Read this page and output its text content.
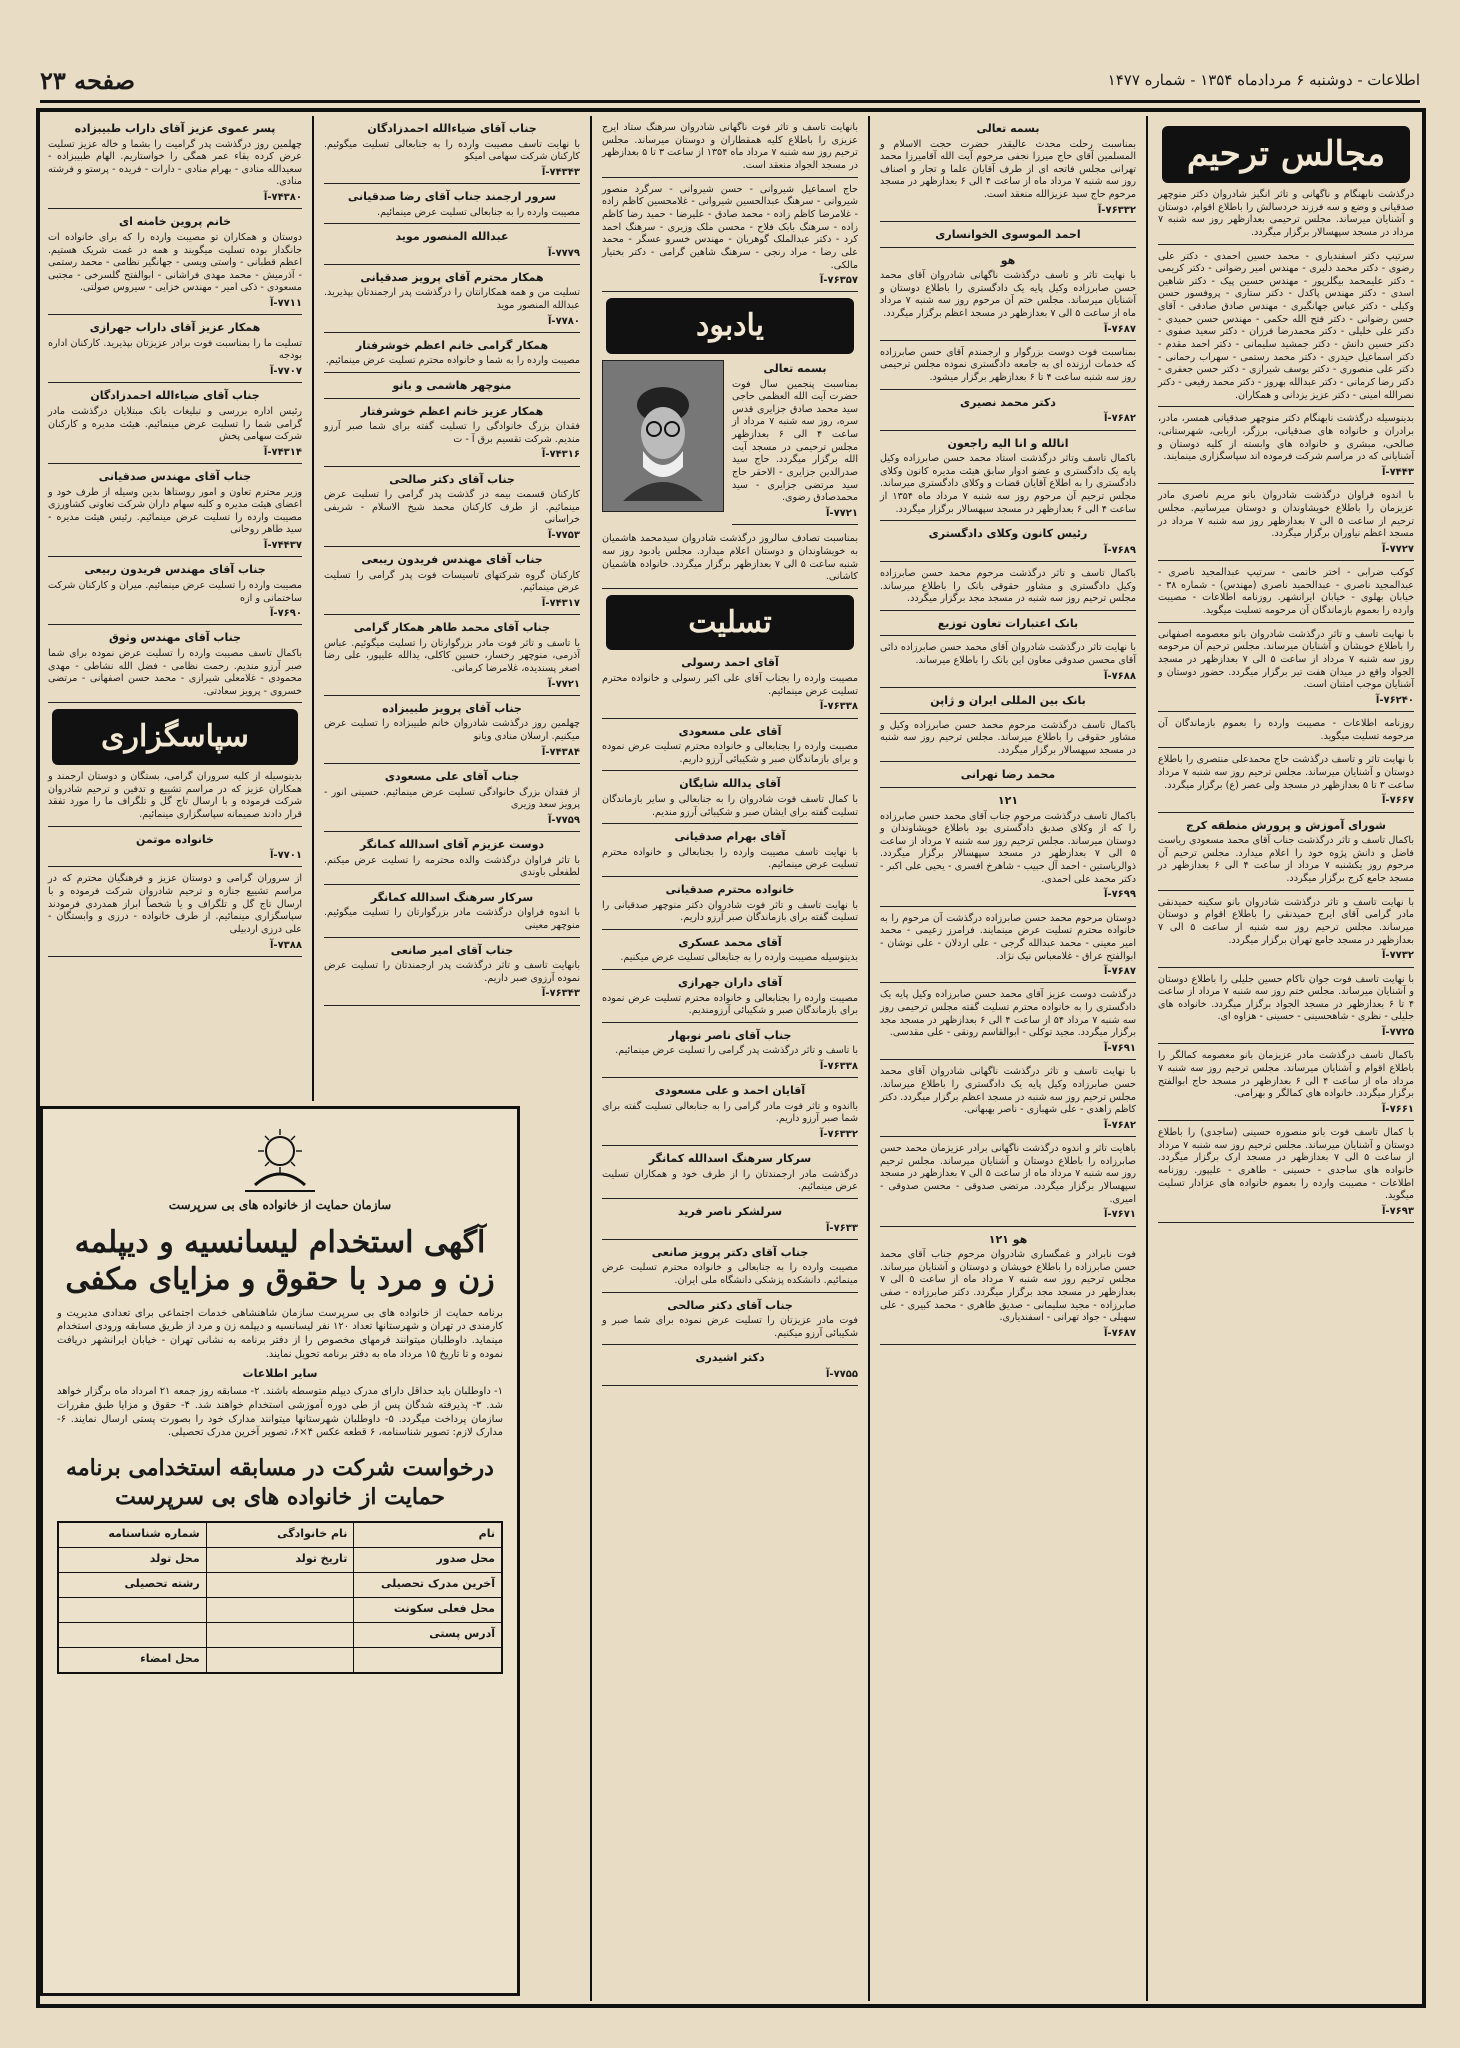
اطلاعات - دوشنبه ۶ مردادماه ۱۳۵۴ - شماره ۱۴۷۷
صفحه ۲۳
مجالس ترحیم
درگذشت نابهنگام و ناگهانی و تاثر انگیز شادروان دکتر منوچهر صدقیانی و وضع و سه فرزند خردسالش را باطلاع اقوام، دوستان و آشنایان میرساند. مجلس ترحیمی بعدازظهر روز سه شنبه ۷ مرداد در مسجد سپهسالار برگزار میگردد.
سرتیپ دکتر اسفندیاری - محمد حسین احمدی - دکتر علی رضوی - دکتر محمد دلیری - مهندس امیر رضوانی - دکتر کریمی - دکتر علیمحمد بیگلرپور - مهندس حسین پیک - دکتر شاهین اسدی - دکتر مهندس پاکدل - دکتر ستاری - پروفسور حسن وکیلی - دکتر عباس جهانگیری - مهندس صادق صادقی - آقای حسن رضوانی - دکتر فتح الله حکمی - مهندس حسن حمیدی - دکتر علی خلیلی - دکتر محمدرضا فرزان - دکتر سعید صفوی - دکتر حسین دانش - دکتر جمشید سلیمانی - دکتر احمد مقدم - دکتر اسماعیل حیدری - دکتر محمد رستمی - سهراب رحمانی - دکتر علی منصوری - دکتر یوسف شیرازی - دکتر حسن جعفری - دکتر رضا کرمانی - دکتر عبدالله بهروز - دکتر محمد رفیعی - دکتر نصرالله امینی - دکتر عزیز یزدانی و همکاران.
بدینوسیله درگذشت نابهنگام دکتر منوچهر صدقیانی همسر، مادر، برادران و خانواده های صدقیانی، برزگر، اربابی، شهرستانی، صالحی، مبشری و خانواده های وابسته از کلیه دوستان و آشنایانی که در مراسم شرکت فرموده اند سپاسگزاری مینمایند.
۷۴۴۳-آ
با اندوه فراوان درگذشت شادروان بانو مریم ناصری مادر عزیزمان را باطلاع خویشاوندان و دوستان میرسانیم. مجلس ترحیم از ساعت ۵ الی ۷ بعدازظهر روز سه شنبه ۷ مرداد در مسجد اعظم نیاوران برگزار میگردد.
۷۷۲۷-آ
کوکب ضرابی - اختر خانمی - سرتیپ عبدالمجید ناصری - عبدالمجید ناصری - عبدالحمید ناصری (مهندس) - شماره ۳۸ - خیابان بهلوی - خیابان ایرانشهر. روزنامه اطلاعات - مصیبت وارده را بعموم بازماندگان آن مرحومه تسلیت میگوید.
با نهایت تاسف و تاثر درگذشت شادروان بانو معصومه اصفهانی را باطلاع خویشان و آشنایان میرساند. مجلس ترحیم آن مرحومه روز سه شنبه ۷ مرداد از ساعت ۵ الی ۷ بعدازظهر در مسجد الجواد واقع در میدان هفت تیر برگزار میگردد. حضور دوستان و آشنایان موجب امتنان است.
۷۶۲۴۰-آ
روزنامه اطلاعات - مصیبت وارده را بعموم بازماندگان آن مرحومه تسلیت میگوید.
با نهایت تاثر و تاسف درگذشت حاج محمدعلی منتصری را باطلاع دوستان و آشنایان میرساند. مجلس ترحیم روز سه شنبه ۷ مرداد ساعت ۳ تا ۵ بعدازظهر در مسجد ولی عصر (ع) برگزار میگردد.
۷۶۶۷-آ
شورای آموزش و پرورش منطقه کرج
باکمال تاسف و تاثر درگذشت جناب آقای محمد مسعودی ریاست فاضل و دانش پژوه خود را اعلام میدارد. مجلس ترحیم آن مرحوم روز یکشنبه ۷ مرداد از ساعت ۴ الی ۶ بعدازظهر در مسجد جامع کرج برگزار میگردد.
با نهایت تاسف و تاثر درگذشت شادروان بانو سکینه حمیدنقی مادر گرامی آقای ایرج حمیدنقی را باطلاع اقوام و دوستان میرساند. مجلس ترحیم روز سه شنبه از ساعت ۵ الی ۷ بعدازظهر در مسجد جامع تهران برگزار میگردد.
۷۷۳۲-آ
با نهایت تاسف فوت جوان ناکام حسین جلیلی را باطلاع دوستان و آشنایان میرساند. مجلس ختم روز سه شنبه ۷ مرداد از ساعت ۴ تا ۶ بعدازظهر در مسجد الجواد برگزار میگردد. خانواده های جلیلی - نظری - شاهحسینی - حسینی - هزاوه ای.
۷۷۲۵-آ
باکمال تاسف درگذشت مادر عزیزمان بانو معصومه کمالگر را باطلاع اقوام و آشنایان میرساند. مجلس ترحیم روز سه شنبه ۷ مرداد ماه از ساعت ۴ الی ۶ بعدازظهر در مسجد حاج ابوالفتح برگزار میگردد. خانواده های کمالگر و بهرامی.
۷۶۶۱-آ
با کمال تاسف فوت بانو منصوره حسینی (ساجدی) را باطلاع دوستان و آشنایان میرساند. مجلس ترحیم روز سه شنبه ۷ مرداد از ساعت ۵ الی ۷ بعدازظهر در مسجد ارک برگزار میگردد. خانواده های ساجدی - حسینی - طاهری - علیپور. روزنامه اطلاعات - مصیبت وارده را بعموم خانواده های عزادار تسلیت میگوید.
۷۶۹۳-آ
بسمه تعالی
بمناسبت رحلت محدث عالیقدر حضرت حجت الاسلام و المسلمین آقای حاج میرزا نجفی مرحوم آیت الله آقامیرزا محمد تهرانی مجلس فاتحه ای از طرف آقایان علما و تجار و اصناف روز سه شنبه ۷ مرداد ماه از ساعت ۴ الی ۶ بعدازظهر در مسجد مرحوم حاج سید عزیزالله منعقد است.
۷۶۳۳۲-آ
احمد الموسوی الخوانساری
هو
با نهایت تاثر و تاسف درگذشت ناگهانی شادروان آقای محمد حسن صابرزاده وکیل پایه یک دادگستری را باطلاع دوستان و آشنایان میرساند. مجلس ختم آن مرحوم روز سه شنبه ۷ مرداد ماه از ساعت ۵ الی ۷ بعدازظهر در مسجد اعظم برگزار میگردد.
۷۶۸۷-آ
بمناسبت فوت دوست بزرگوار و ارجمندم آقای حسن صابرزاده که خدمات ارزنده ای به جامعه دادگستری نموده مجلس ترحیمی روز سه شنبه ساعت ۴ تا ۶ بعدازظهر برگزار میشود.
دکتر محمد نصیری
۷۶۸۲-آ
انالله و انا الیه راجعون
باکمال تاسف وتاثر درگذشت استاد محمد حسن صابرزاده وکیل پایه یک دادگستری و عضو ادوار سابق هیئت مدیره کانون وکلای دادگستری را به اطلاع آقایان قضات و وکلای دادگستری میرساند. مجلس ترحیم آن مرحوم روز سه شنبه ۷ مرداد ماه ۱۳۵۴ از ساعت ۴ الی ۶ بعدازظهر در مسجد سپهسالار برگزار میگردد.
رئیس کانون وکلای دادگستری
۷۶۸۹-آ
باکمال تاسف و تاثر درگذشت مرحوم محمد حسن صابرزاده وکیل دادگستری و مشاور حقوقی بانک را باطلاع میرساند. مجلس ترحیم روز سه شنبه در مسجد مجد برگزار میگردد.
بانک اعتبارات تعاون توزیع
با نهایت تاثر درگذشت شادروان آقای محمد حسن صابرزاده دائی آقای محسن صدوقی معاون این بانک را باطلاع میرساند.
۷۶۸۸-آ
بانک بین المللی ایران و ژاپن
باکمال تاسف درگذشت مرحوم محمد حسن صابرزاده وکیل و مشاور حقوقی را باطلاع میرساند. مجلس ترحیم روز سه شنبه در مسجد سپهسالار برگزار میگردد.
محمد رضا تهرانی
۱۲۱
باکمال تاسف درگذشت مرحوم جناب آقای محمد حسن صابرزاده را که از وکلای صدیق دادگستری بود باطلاع خویشاوندان و دوستان میرساند. مجلس ترحیم روز سه شنبه ۷ مرداد از ساعت ۵ الی ۷ بعدازظهر در مسجد سپهسالار برگزار میگردد. ذوالریاستین - احمد آل حبیب - شاهرخ افسری - یحیی علی اکبر - دکتر محمد علی احمدی.
۷۶۹۹-آ
دوستان مرحوم محمد حسن صابرزاده درگذشت آن مرحوم را به خانواده محترم تسلیت عرض مینمایند. فرامرز زعیمی - محمد امیر معینی - محمد عبدالله گرجی - علی اردلان - علی نوشان - ابوالفتح عراق - غلامعباس نیک نژاد.
۷۶۸۷-آ
درگذشت دوست عزیز آقای محمد حسن صابرزاده وکیل پایه یک دادگستری را به خانواده محترم تسلیت گفته مجلس ترحیمی روز سه شنبه ۷ مرداد ۵۴ از ساعت ۴ الی ۶ بعدازظهر در مسجد مجد برگزار میگردد. مجید توکلی - ابوالقاسم رونقی - علی مقدسی.
۷۶۹۱-آ
با نهایت تاسف و تاثر درگذشت ناگهانی شادروان آقای محمد حسن صابرزاده وکیل پایه یک دادگستری را باطلاع میرساند. مجلس ترحیم روز سه شنبه در مسجد اعظم برگزار میگردد. دکتر کاظم زاهدی - علی شهبازی - ناصر بهبهانی.
۷۶۸۲-آ
باهایت تاثر و اندوه درگذشت ناگهانی برادر عزیزمان محمد حسن صابرزاده را باطلاع دوستان و آشنایان میرساند. مجلس ترحیم روز سه شنبه ۷ مرداد ماه از ساعت ۵ الی ۷ بعدازظهر در مسجد سپهسالار برگزار میگردد. مرتضی صدوقی - محسن صدوقی - امیری.
۷۶۷۱-آ
هو ۱۲۱
فوت نابرادر و غمگساری شادروان مرحوم جناب آقای محمد حسن صابرزاده را باطلاع خویشان و دوستان و آشنایان میرساند. مجلس ترحیم روز سه شنبه ۷ مرداد ماه از ساعت ۵ الی ۷ بعدازظهر در مسجد مجد برگزار میگردد. دکتر صابرزاده - صفی صابرزاده - مجید سلیمانی - صدیق طاهری - محمد کبیری - علی سهیلی - جواد تهرانی - اسفندیاری.
۷۶۸۷-آ
بانهایت تاسف و تاثر فوت ناگهانی شادروان سرهنگ ستاد ایرج عزیزی را باطلاع کلیه همقطاران و دوستان میرساند. مجلس ترحیم روز سه شنبه ۷ مرداد ماه ۱۳۵۴ از ساعت ۳ تا ۵ بعدازظهر در مسجد الجواد منعقد است.
حاج اسماعیل شیروانی - حسن شیروانی - سرگرد منصور شیروانی - سرهنگ عبدالحسین شیروانی - غلامحسین کاظم زاده - غلامرضا کاظم زاده - محمد صادق - علیرضا - حمید رضا کاظم زاده - سرهنگ بابک فلاح - محسن ملک وزیری - سرهنگ احمد کرد - دکتر عبدالملک گوهریان - مهندس خسرو عسگر - محمد علی رضا - مراد رنجی - سرهنگ شاهین گرامی - دکتر بختیار مالکی.
۷۶۳۵۷-آ
یادبود
بسمه تعالی
بمناسبت پنجمین سال فوت حضرت آیت الله العظمی حاجی سید محمد صادق جزایری قدس سره، روز سه شنبه ۷ مرداد از ساعت ۴ الی ۶ بعدازظهر مجلس ترحیمی در مسجد آیت الله برگزار میگردد. حاج سید صدرالدین جزایری - الاحقر حاج سید مرتضی جزایری - سید محمدصادق رضوی.
۷۷۲۱-آ
بمناسبت تصادف سالروز درگذشت شادروان سیدمحمد هاشمیان به خویشاوندان و دوستان اعلام میدارد. مجلس یادبود روز سه شنبه ساعت ۵ الی ۷ بعدازظهر برگزار میگردد. خانواده هاشمیان کاشانی.
تسلیت
آقای احمد رسولی
مصیبت وارده را بجناب آقای علی اکبر رسولی و خانواده محترم تسلیت عرض مینمائیم.
۷۶۳۳۸-آ
آقای علی مسعودی
مصیبت وارده را بجنابعالی و خانواده محترم تسلیت عرض نموده و برای بازماندگان صبر و شکیبائی آرزو داریم.
آقای یدالله شایگان
با کمال تاسف فوت شادروان را به جنابعالی و سایر بازماندگان تسلیت گفته برای ایشان صبر و شکیبائی آرزو مندیم.
آقای بهرام صدقیانی
با نهایت تاسف مصیبت وارده را بجنابعالی و خانواده محترم تسلیت عرض مینمائیم.
خانواده محترم صدقیانی
با نهایت تاسف و تاثر فوت شادروان دکتر منوچهر صدقیانی را تسلیت گفته برای بازماندگان صبر آرزو داریم.
آقای محمد عسکری
بدینوسیله مصیبت وارده را به جنابعالی تسلیت عرض میکنیم.
آقای داران جهرازی
مصیبت وارده را بجنابعالی و خانواده محترم تسلیت عرض نموده برای بازماندگان صبر و شکیبائی آرزومندیم.
جناب آقای ناصر نوبهار
با تاسف و تاثر درگذشت پدر گرامی را تسلیت عرض مینمائیم.
۷۶۳۳۸-آ
آقایان احمد و علی مسعودی
بااندوه و تاثر فوت مادر گرامی را به جنابعالی تسلیت گفته برای شما صبر آرزو داریم.
۷۶۳۳۲-آ
سرکار سرهنگ اسدالله کمانگر
درگذشت مادر ارجمندتان را از طرف خود و همکاران تسلیت عرض مینمائیم.
سرلشکر ناصر فرید
۷۶۳۳-آ
جناب آقای دکتر پرویز صانعی
مصیبت وارده را به جنابعالی و خانواده محترم تسلیت عرض مینمائیم. دانشکده پزشکی دانشگاه ملی ایران.
جناب آقای دکتر صالحی
فوت مادر عزیزتان را تسلیت عرض نموده برای شما صبر و شکیبائی آرزو میکنیم.
دکتر اشیدری
۷۷۵۵-آ
جناب آقای ضیاءالله احمدزادگان
با نهایت تاسف مصیبت وارده را به جنابعالی تسلیت میگوئیم. کارکنان شرکت سهامی امیکو
۷۴۳۴۳-آ
سرور ارجمند جناب آقای رضا صدقیانی
مصیبت وارده را به جنابعالی تسلیت عرض مینمائیم.
عبدالله المنصور موید
۷۷۷۹-آ
همکار محترم آقای پرویز صدقیانی
تسلیت من و همه همکارانتان را درگذشت پدر ارجمندتان بپذیرید. عبدالله المنصور موید
۷۷۸۰-آ
همکار گرامی خانم اعظم خوشرفتار
مصیبت وارده را به شما و خانواده محترم تسلیت عرض مینمائیم.
منوچهر هاشمی و بانو
همکار عزیز خانم اعظم خوشرفتار
فقدان بزرگ خانوادگی را تسلیت گفته برای شما صبر آرزو مندیم. شرکت تقسیم برق آ - ت
۷۴۳۱۶-آ
جناب آقای دکتر صالحی
کارکنان قسمت بیمه در گذشت پدر گرامی را تسلیت عرض مینمائیم. از طرف کارکنان محمد شیخ الاسلام - شریفی خراسانی
۷۷۵۳-آ
جناب آقای مهندس فریدون ریبعی
کارکنان گروه شرکتهای تاسیسات فوت پدر گرامی را تسلیت عرض مینمائیم.
۷۴۳۱۷-آ
جناب آقای محمد طاهر همکار گرامی
با تاسف و تاثر فوت مادر بزرگوارتان را تسلیت میگوئیم. عباس آذرمی، منوچهر رخسار، حسین کاکلی، یدالله علیپور، علی رضا اصغر پسندیده، غلامرضا کرمانی.
۷۷۲۱-آ
جناب آقای پرویز طبیبزاده
چهلمین روز درگذشت شادروان خانم طبیبزاده را تسلیت عرض میکنیم. ارسلان منادی ویانو
۷۴۳۸۴-آ
جناب آقای علی مسعودی
از فقدان بزرگ خانوادگی تسلیت عرض مینمائیم. حسینی انور - پرویز سعد وزیری
۷۷۵۹-آ
دوست عزیزم آقای اسدالله کمانگر
با تاثر فراوان درگذشت والده محترمه را تسلیت عرض میکنم. لطفعلی باوندی
سرکار سرهنگ اسدالله کمانگر
با اندوه فراوان درگذشت مادر بزرگوارتان را تسلیت میگوئیم. منوچهر معینی
جناب آقای امیر صانعی
بانهایت تاسف و تاثر درگذشت پدر ارجمندتان را تسلیت عرض نموده آرزوی صبر داریم.
۷۶۳۴۳-آ
پسر عموی عزیز آقای داراب طبیبزاده
چهلمین روز درگذشت پدر گرامیت را بشما و خاله عزیز تسلیت عرض کرده بقاء عمر همگی را خواستاریم. الهام طبیبزاده - سعیدالله منادی - بهرام منادی - دارات - فریده - پرستو و فرشته منادی.
۷۴۳۸۰-آ
خانم پروین خامنه ای
دوستان و همکاران تو مصیبت وارده را که برای خانواده ات جانگداز بوده تسلیت میگویند و همه در غمت شریک هستیم. اعظم قطبانی - واستی ویسی - جهانگیر نظامی - محمد رستمی - آذرمیش - محمد مهدی فراشانی - ابوالفتح گلسرخی - مجتبی مسعودی - ذکی امیر - مهندس خزایی - سیروس صولتی.
۷۷۱۱-آ
همکار عزیز آقای داراب جهرازی
تسلیت ما را بمناسبت فوت برادر عزیزتان بپذیرید. کارکنان اداره بودجه
۷۷۰۷-آ
جناب آقای ضیاءالله احمدزادگان
رئیس اداره بررسی و تبلیغات بانک مبتلایان درگذشت مادر گرامی شما را تسلیت عرض مینمائیم. هیئت مدیره و کارکنان شرکت سهامی پخش
۷۴۳۱۴-آ
جناب آقای مهندس صدقیانی
وزیر محترم تعاون و امور روستاها بدین وسیله از طرف خود و اعضای هیئت مدیره و کلیه سهام داران شرکت تعاونی کشاورزی مصیبت وارده را تسلیت عرض مینمائیم. رئیس هیئت مدیره - سید طاهر روحانی
۷۴۴۳۷-آ
جناب آقای مهندس فریدون ربیعی
مصیبت وارده را تسلیت عرض مینمائیم. میران و کارکنان شرکت ساختمانی و ازه
۷۶۹۰-آ
جناب آقای مهندس وثوق
باکمال تاسف مصیبت وارده را تسلیت عرض نموده برای شما صبر آرزو مندیم. رحمت نظامی - فضل الله نشاطی - مهدی محمودی - غلامعلی شیرازی - محمد حسن اصفهانی - مرتضی خسروی - پرویز سعادتی.
سپاسگزاری
بدینوسیله از کلیه سروران گرامی، بستگان و دوستان ارجمند و همکاران عزیز که در مراسم تشییع و تدفین و ترحیم شادروان شرکت فرموده و با ارسال تاج گل و تلگراف ما را مورد تفقد قرار دادند صمیمانه سپاسگزاری مینمائیم.
خانواده موتمن
۷۷۰۱-آ
از سروران گرامی و دوستان عزیز و فرهنگیان محترم که در مراسم تشییع جنازه و ترحیم شادروان شرکت فرموده و با ارسال تاج گل و تلگراف و یا شخصاً ابراز همدردی فرمودند سپاسگزاری مینمائیم. از طرف خانواده - درزی و وابستگان - علی درزی اردبیلی
۷۳۸۸-آ
سازمان حمایت از خانواده های بی سرپرست
آگهی استخدام لیسانسیه و دیپلمه زن و مرد با حقوق و مزایای مکفی
برنامه حمایت از خانواده های بی سرپرست سازمان شاهنشاهی خدمات اجتماعی برای تعدادی مدیریت و کارمندی در تهران و شهرستانها تعداد ۱۲۰ نفر لیسانسیه و دیپلمه زن و مرد از طریق مسابقه ورودی استخدام مینماید. داوطلبان میتوانند فرمهای مخصوص را از دفتر برنامه به نشانی تهران - خیابان ایرانشهر دریافت نموده و تا تاریخ ۱۵ مرداد ماه به دفتر برنامه تحویل نمایند.
سایر اطلاعات
۱- داوطلبان باید حداقل دارای مدرک دیپلم متوسطه باشند. ۲- مسابقه روز جمعه ۲۱ امرداد ماه برگزار خواهد شد. ۳- پذیرفته شدگان پس از طی دوره آموزشی استخدام خواهند شد. ۴- حقوق و مزایا طبق مقررات سازمان پرداخت میگردد. ۵- داوطلبان شهرستانها میتوانند مدارک خود را بصورت پستی ارسال نمایند. ۶- مدارک لازم: تصویر شناسنامه، ۶ قطعه عکس ۴×۶، تصویر آخرین مدرک تحصیلی.
درخواست شرکت در مسابقه استخدامی برنامه حمایت از خانواده های بی سرپرست
نام
نام خانوادگی
شماره شناسنامه
محل صدور
تاریخ تولد
محل تولد
آخرین مدرک تحصیلی
رشته تحصیلی
محل فعلی سکونت
آدرس پستی
محل امضاء
